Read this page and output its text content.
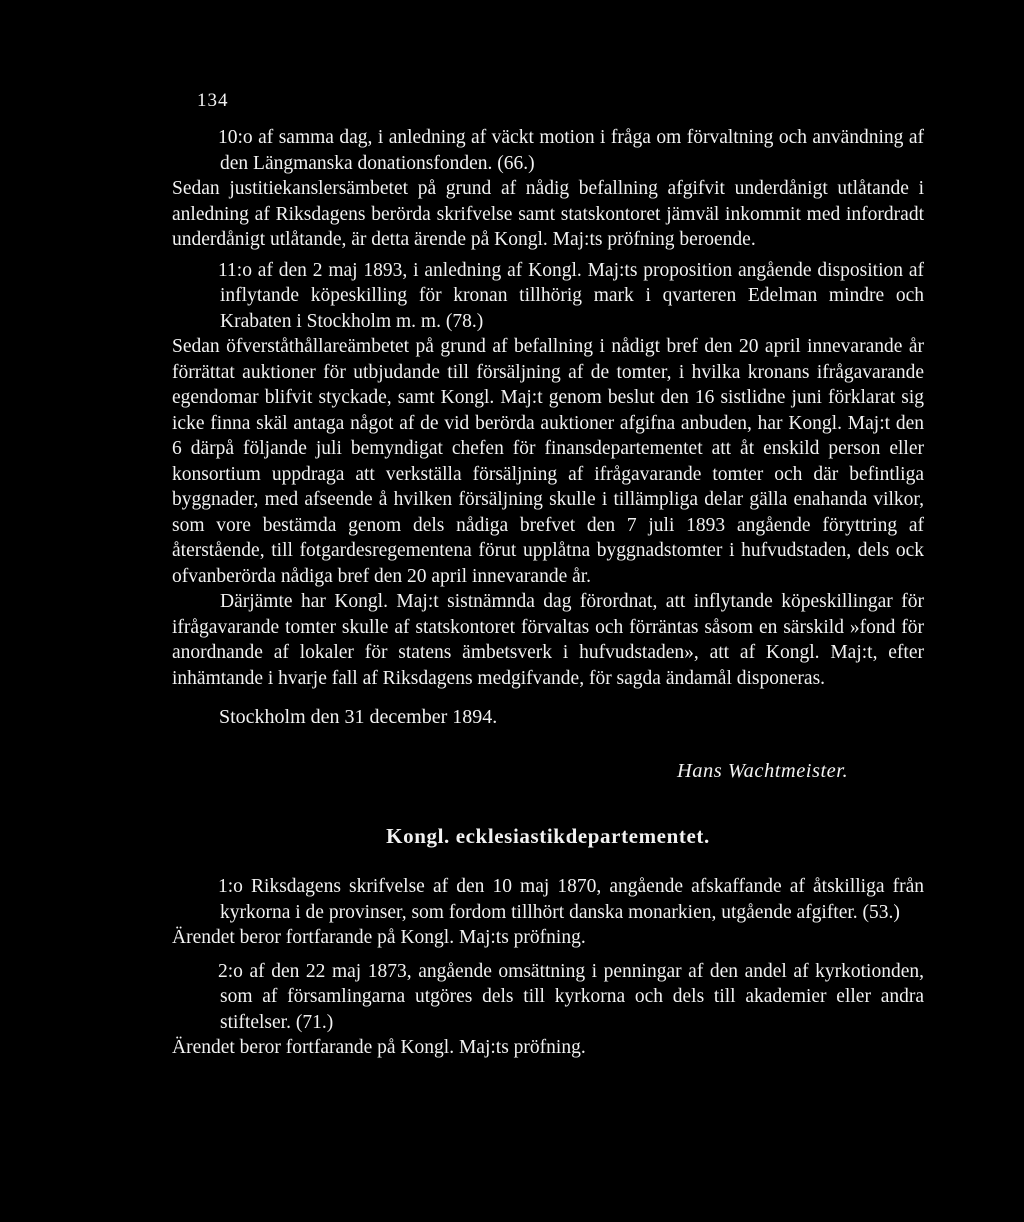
134
10:o af samma dag, i anledning af väckt motion i fråga om förvaltning och användning af den Längmanska donationsfonden. (66.)
Sedan justitiekanslersämbetet på grund af nådig befallning afgifvit underdånigt utlåtande i anledning af Riksdagens berörda skrifvelse samt statskontoret jämväl inkommit med infordradt underdånigt utlåtande, är detta ärende på Kongl. Maj:ts pröfning beroende.
11:o af den 2 maj 1893, i anledning af Kongl. Maj:ts proposition angående disposition af inflytande köpeskilling för kronan tillhörig mark i qvarteren Edelman mindre och Krabaten i Stockholm m. m. (78.)
Sedan öfverståthållareämbetet på grund af befallning i nådigt bref den 20 april innevarande år förrättat auktioner för utbjudande till försäljning af de tomter, i hvilka kronans ifrågavarande egendomar blifvit styckade, samt Kongl. Maj:t genom beslut den 16 sistlidne juni förklarat sig icke finna skäl antaga något af de vid berörda auktioner afgifna anbuden, har Kongl. Maj:t den 6 därpå följande juli bemyndigat chefen för finansdepartementet att åt enskild person eller konsortium uppdraga att verkställa försäljning af ifrågavarande tomter och där befintliga byggnader, med afseende å hvilken försäljning skulle i tillämpliga delar gälla enahanda vilkor, som vore bestämda genom dels nådiga brefvet den 7 juli 1893 angående föryttring af återstående, till fotgardesregementena förut upplåtna byggnadstomter i hufvudstaden, dels ock ofvanberörda nådiga bref den 20 april innevarande år.
Därjämte har Kongl. Maj:t sistnämnda dag förordnat, att inflytande köpeskillingar för ifrågavarande tomter skulle af statskontoret förvaltas och förräntas såsom en särskild »fond för anordnande af lokaler för statens ämbetsverk i hufvudstaden», att af Kongl. Maj:t, efter inhämtande i hvarje fall af Riksdagens medgifvande, för sagda ändamål disponeras.
Stockholm den 31 december 1894.
Hans Wachtmeister.
Kongl. ecklesiastikdepartementet.
1:o Riksdagens skrifvelse af den 10 maj 1870, angående afskaffande af åtskilliga från kyrkorna i de provinser, som fordom tillhört danska monarkien, utgående afgifter. (53.)
Ärendet beror fortfarande på Kongl. Maj:ts pröfning.
2:o af den 22 maj 1873, angående omsättning i penningar af den andel af kyrkotionden, som af församlingarna utgöres dels till kyrkorna och dels till akademier eller andra stiftelser. (71.)
Ärendet beror fortfarande på Kongl. Maj:ts pröfning.
